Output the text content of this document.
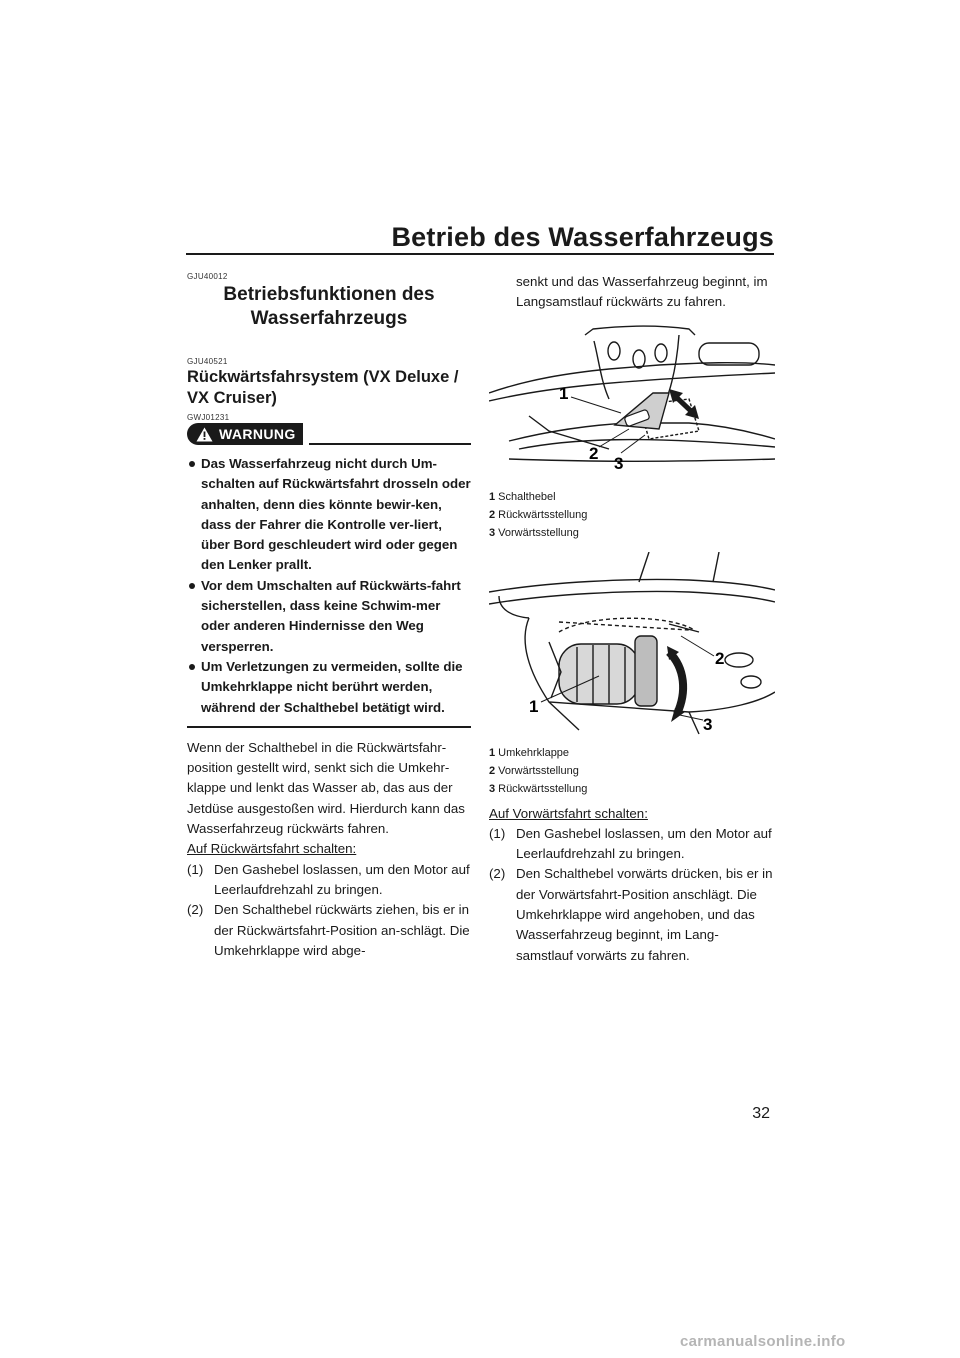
Betrieb des Wasserfahrzeugs
GJU40012
Betriebsfunktionen des
Wasserfahrzeugs
GJU40521
Rückwärtsfahrsystem (VX Deluxe /
VX Cruiser)
GWJ01231
WARNUNG
Das Wasserfahrzeug nicht durch Um-schalten auf Rückwärtsfahrt drosseln oder anhalten, denn dies könnte bewir-ken, dass der Fahrer die Kontrolle ver-liert, über Bord geschleudert wird oder gegen den Lenker prallt.
Vor dem Umschalten auf Rückwärts-fahrt sicherstellen, dass keine Schwim-mer oder anderen Hindernisse den Weg versperren.
Um Verletzungen zu vermeiden, sollte die Umkehrklappe nicht berührt werden, während der Schalthebel betätigt wird.

Wenn der Schalthebel in die Rückwärtsfahr-position gestellt wird, senkt sich die Umkehr-klappe und lenkt das Wasser ab, das aus der Jetdüse ausgestoßen wird. Hierdurch kann das Wasserfahrzeug rückwärts fahren.

Auf Rückwärtsfahrt schalten:
(1) Den Gashebel loslassen, um den Motor auf Leerlaufdrehzahl zu bringen.
(2) Den Schalthebel rückwärts ziehen, bis er in der Rückwärtsfahrt-Position an-schlägt. Die Umkehrklappe wird abge-
senkt und das Wasserfahrzeug beginnt, im Langsamstlauf rückwärts zu fahren.
1
2
3
1 Schalthebel
2 Rückwärtsstellung
3 Vorwärtsstellung
2
1
3
1 Umkehrklappe
2 Vorwärtsstellung
3 Rückwärtsstellung
Auf Vorwärtsfahrt schalten:
(1) Den Gashebel loslassen, um den Motor auf Leerlaufdrehzahl zu bringen.
(2) Den Schalthebel vorwärts drücken, bis er in der Vorwärtsfahrt-Position anschlägt. Die Umkehrklappe wird angehoben, und das Wasserfahrzeug beginnt, im Lang-samstlauf vorwärts zu fahren.
32
carmanualsonline.info
